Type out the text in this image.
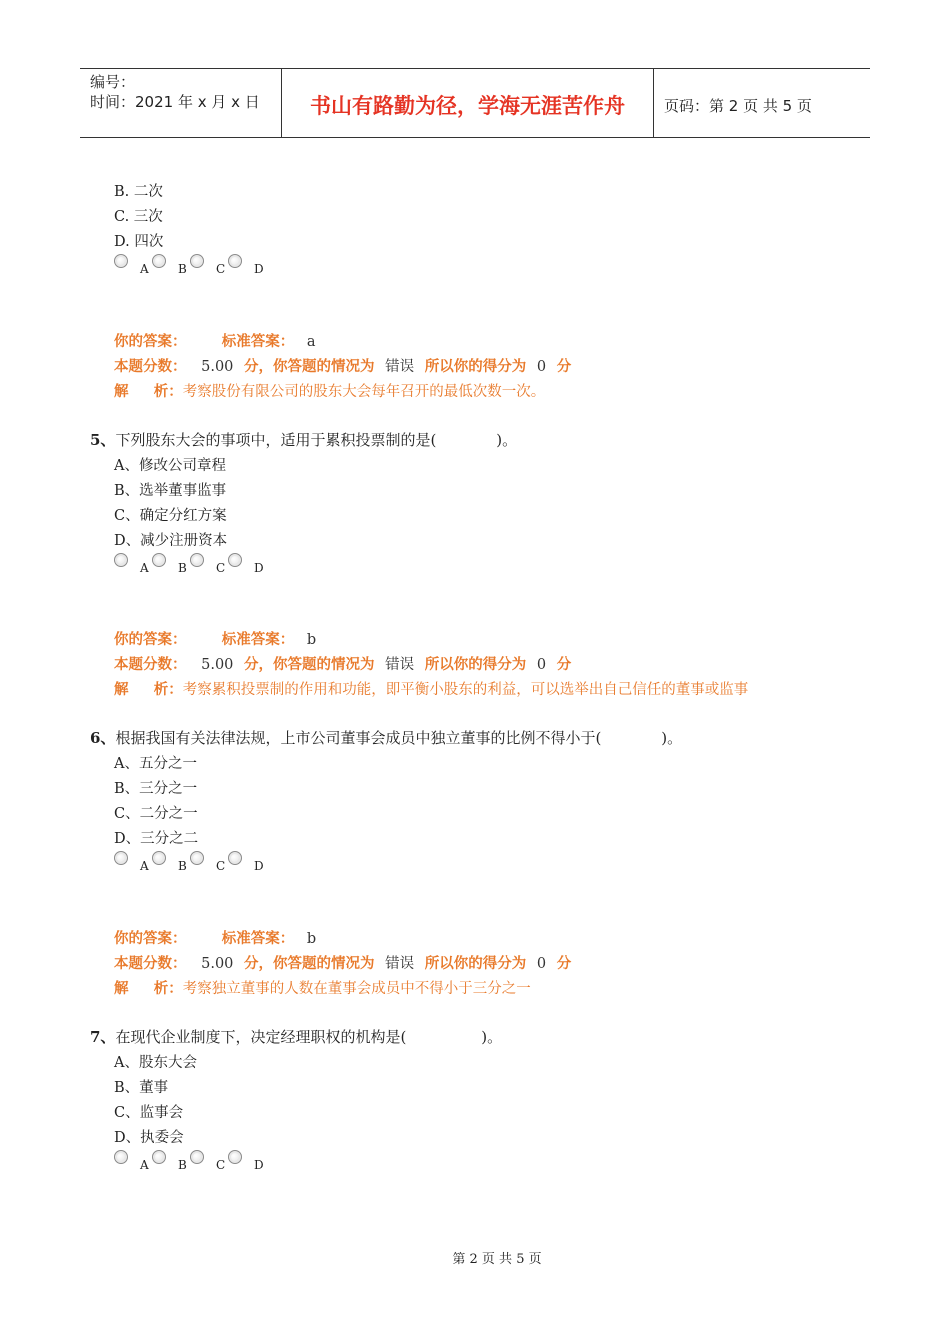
编号：
时间：2021 年 x 月 x 日	书山有路勤为径，学海无涯苦作舟	页码：第 2 页 共 5 页
B. 二次
C. 三次
D. 四次
A	B	C	D
你的答案： 标准答案： a
本题分数： 5.00 分，你答题的情况为 错误 所以你的得分为 0 分
解     析：考察股份有限公司的股东大会每年召开的最低次数一次。
5、下列股东大会的事项中，适用于累积投票制的是(　　　　)。
A、修改公司章程
B、选举董事监事
C、确定分红方案
D、减少注册资本
A	B	C	D
你的答案： 标准答案： b
本题分数： 5.00 分，你答题的情况为 错误 所以你的得分为 0 分
解     析：考察累积投票制的作用和功能，即平衡小股东的利益，可以选举出自己信任的董事或监事
6、根据我国有关法律法规，上市公司董事会成员中独立董事的比例不得小于(　　　　)。
A、五分之一
B、三分之一
C、二分之一
D、三分之二
A	B	C	D
你的答案： 标准答案： b
本题分数： 5.00 分，你答题的情况为 错误 所以你的得分为 0 分
解     析：考察独立董事的人数在董事会成员中不得小于三分之一
7、在现代企业制度下，决定经理职权的机构是(　　　　　)。
A、股东大会
B、董事
C、监事会
D、执委会
A	B	C	D
第 2 页 共 5 页
